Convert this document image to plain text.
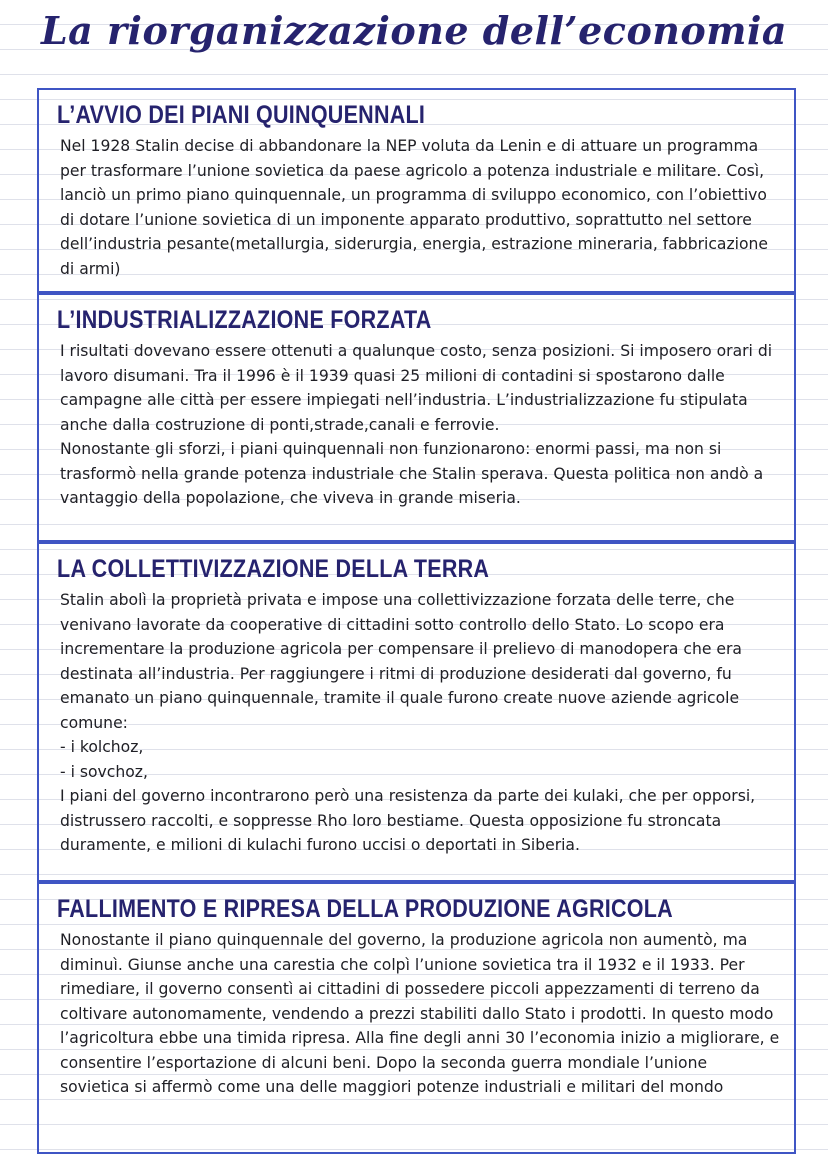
La riorganizzazione dell’economia
L’AVVIO DEI PIANI QUINQUENNALI

Nel 1928 Stalin decise di abbandonare la NEP voluta da Lenin e di attuare un programma per trasformare l’unione sovietica da paese agricolo a potenza industriale e militare. Così, lanciò un primo piano quinquennale, un programma di sviluppo economico, con l’obiettivo di dotare l’unione sovietica di un imponente apparato produttivo, soprattutto nel settore dell’industria pesante(metallurgia, siderurgia, energia, estrazione mineraria, fabbricazione di armi)

L’INDUSTRIALIZZAZIONE FORZATA

I risultati dovevano essere ottenuti a qualunque costo, senza posizioni. Si imposero orari di lavoro disumani. Tra il 1996 è il 1939 quasi 25 milioni di contadini si spostarono dalle campagne alle città per essere impiegati nell’industria. L’industrializzazione fu stipulata anche dalla costruzione di ponti,strade,canali e ferrovie.

Nonostante gli sforzi, i piani quinquennali non funzionarono: enormi passi, ma non si trasformò nella grande potenza industriale che Stalin sperava. Questa politica non andò a vantaggio della popolazione, che viveva in grande miseria.

LA COLLETTIVIZZAZIONE DELLA TERRA

Stalin abolì la proprietà privata e impose una collettivizzazione forzata delle terre, che venivano lavorate da cooperative di cittadini sotto controllo dello Stato. Lo scopo era incrementare la produzione agricola per compensare il prelievo di manodopera che era destinata all’industria. Per raggiungere i ritmi di produzione desiderati dal governo, fu emanato un piano quinquennale, tramite il quale furono create nuove aziende agricole comune:

- i kolchoz,

- i sovchoz,

I piani del governo incontrarono però una resistenza da parte dei kulaki, che per opporsi, distrussero raccolti, e soppresse Rho loro bestiame. Questa opposizione fu stroncata duramente, e milioni di kulachi furono uccisi o deportati in Siberia.

FALLIMENTO E RIPRESA DELLA PRODUZIONE AGRICOLA

Nonostante il piano quinquennale del governo, la produzione agricola non aumentò, ma diminuì. Giunse anche una carestia che colpì l’unione sovietica tra il 1932 e il 1933. Per rimediare, il governo consentì ai cittadini di possedere piccoli appezzamenti di terreno da coltivare autonomamente, vendendo a prezzi stabiliti dallo Stato i prodotti. In questo modo l’agricoltura ebbe una timida ripresa. Alla fine degli anni 30 l’economia inizio a migliorare, e consentire l’esportazione di alcuni beni. Dopo la seconda guerra mondiale l’unione sovietica si affermò come una delle maggiori potenze industriali e militari del mondo
